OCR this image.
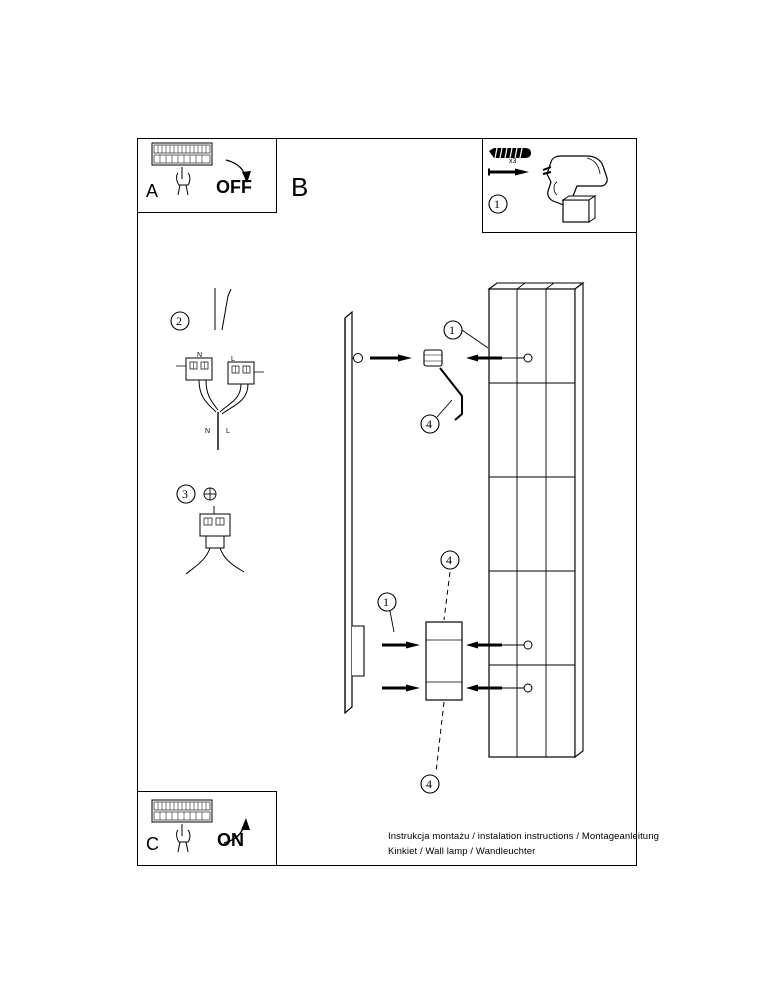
A	OFF B
C	ON
x3
1
2
3
1
4
4
1
4
N
L
N L
Instrukcja montażu / instalation instructions / Montageanleitung
Kinkiet / Wall lamp / Wandleuchter
